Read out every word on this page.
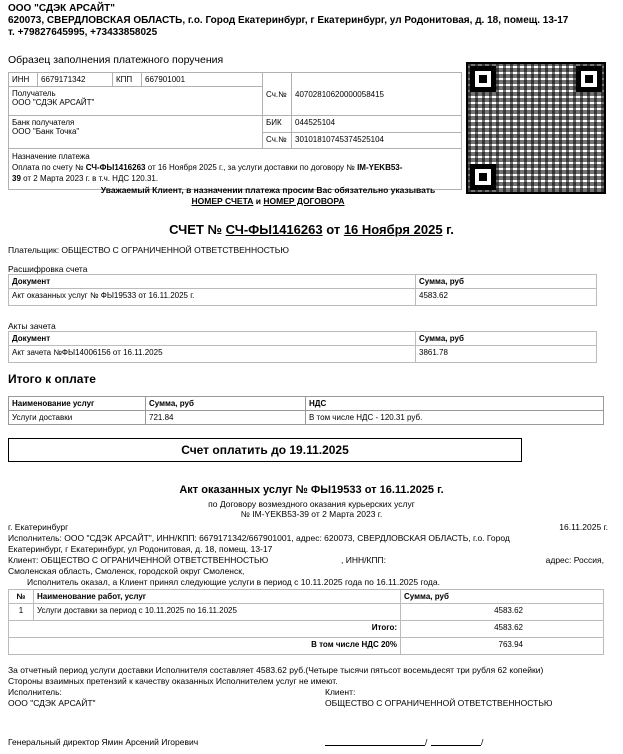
ООО "СДЭК АРСАЙТ"
620073, СВЕРДЛОВСКАЯ ОБЛАСТЬ, г.о. Город Екатеринбург, г Екатеринбург, ул Родонитовая, д. 18, помещ. 13-17
т. +79827645995, +73433858025
Образец заполнения платежного поручения
ИНН	6679171342	КПП	667901001	Сч.№	40702810620000058415

Получатель
ООО "СДЭК АРСАЙТ"					

Банк получателя
ООО "Банк Точка"				БИК	044525104
				Сч.№	30101810745374525104

Назначение платежа
Оплата по счету № СЧ-ФЫ1416263 от 16 Ноября 2025 г., за услуги доставки по договору № IM-YEKB53-
39 от 2 Марта 2023 г. в т.ч. НДС 120.31.					
Уважаемый Клиент, в назначении платежа просим Вас обязательно указывать
НОМЕР СЧЕТА и НОМЕР ДОГОВОРА
СЧЕТ № СЧ-ФЫ1416263 от 16 Ноября 2025 г.
Плательщик: ОБЩЕСТВО С ОГРАНИЧЕННОЙ ОТВЕТСТВЕННОСТЬЮ
Расшифровка счета
Документ	Сумма, руб
Акт оказанных услуг № ФЫ19533 от 16.11.2025 г.	4583.62
Акты зачета
Документ	Сумма, руб
Акт зачета №ФЫ14006156 от 16.11.2025	3861.78
Итого к оплате
Наименование услуг	Сумма, руб	НДС
Услуги доставки	721.84	В том числе НДС - 120.31 руб.
Счет оплатить до 19.11.2025
Акт оказанных услуг № ФЫ19533 от 16.11.2025 г.
по Договору возмездного оказания курьерских услуг
№ IM-YEKB53-39 от 2 Марта 2023 г.
г. Екатеринбург	16.11.2025 г.
Исполнитель: ООО "СДЭК АРСАЙТ", ИНН/КПП: 6679171342/667901001, адрес: 620073, СВЕРДЛОВСКАЯ ОБЛАСТЬ, г.о. Город
Екатеринбург, г Екатеринбург, ул Родонитовая, д. 18, помещ. 13-17
Клиент: ОБЩЕСТВО С ОГРАНИЧЕННОЙ ОТВЕТСТВЕННОСТЬЮ	, ИНН/КПП:	адрес: Россия,
Смоленская область, Смоленск, городской округ Смоленск,
Исполнитель оказал, а Клиент принял следующие услуги в период с 10.11.2025 года по 16.11.2025 года.
№	Наименование работ, услуг	Сумма, руб
1	Услуги доставки за период с 10.11.2025 по 16.11.2025	4583.62
Итого:		4583.62
В том числе НДС 20%		763.94
За отчетный период услуги доставки Исполнителя составляет 4583.62 руб.(Четыре тысячи пятьсот восемьдесят три рубля 62 копейки)
Стороны взаимных претензий к качеству оказанных Исполнителем услуг не имеют.
Исполнитель:	Клиент:
ООО "СДЭК АРСАЙТ"	ОБЩЕСТВО С ОГРАНИЧЕННОЙ ОТВЕТСТВЕННОСТЬЮ
Генеральный директор Ямин Арсений Игоревич	/	/
